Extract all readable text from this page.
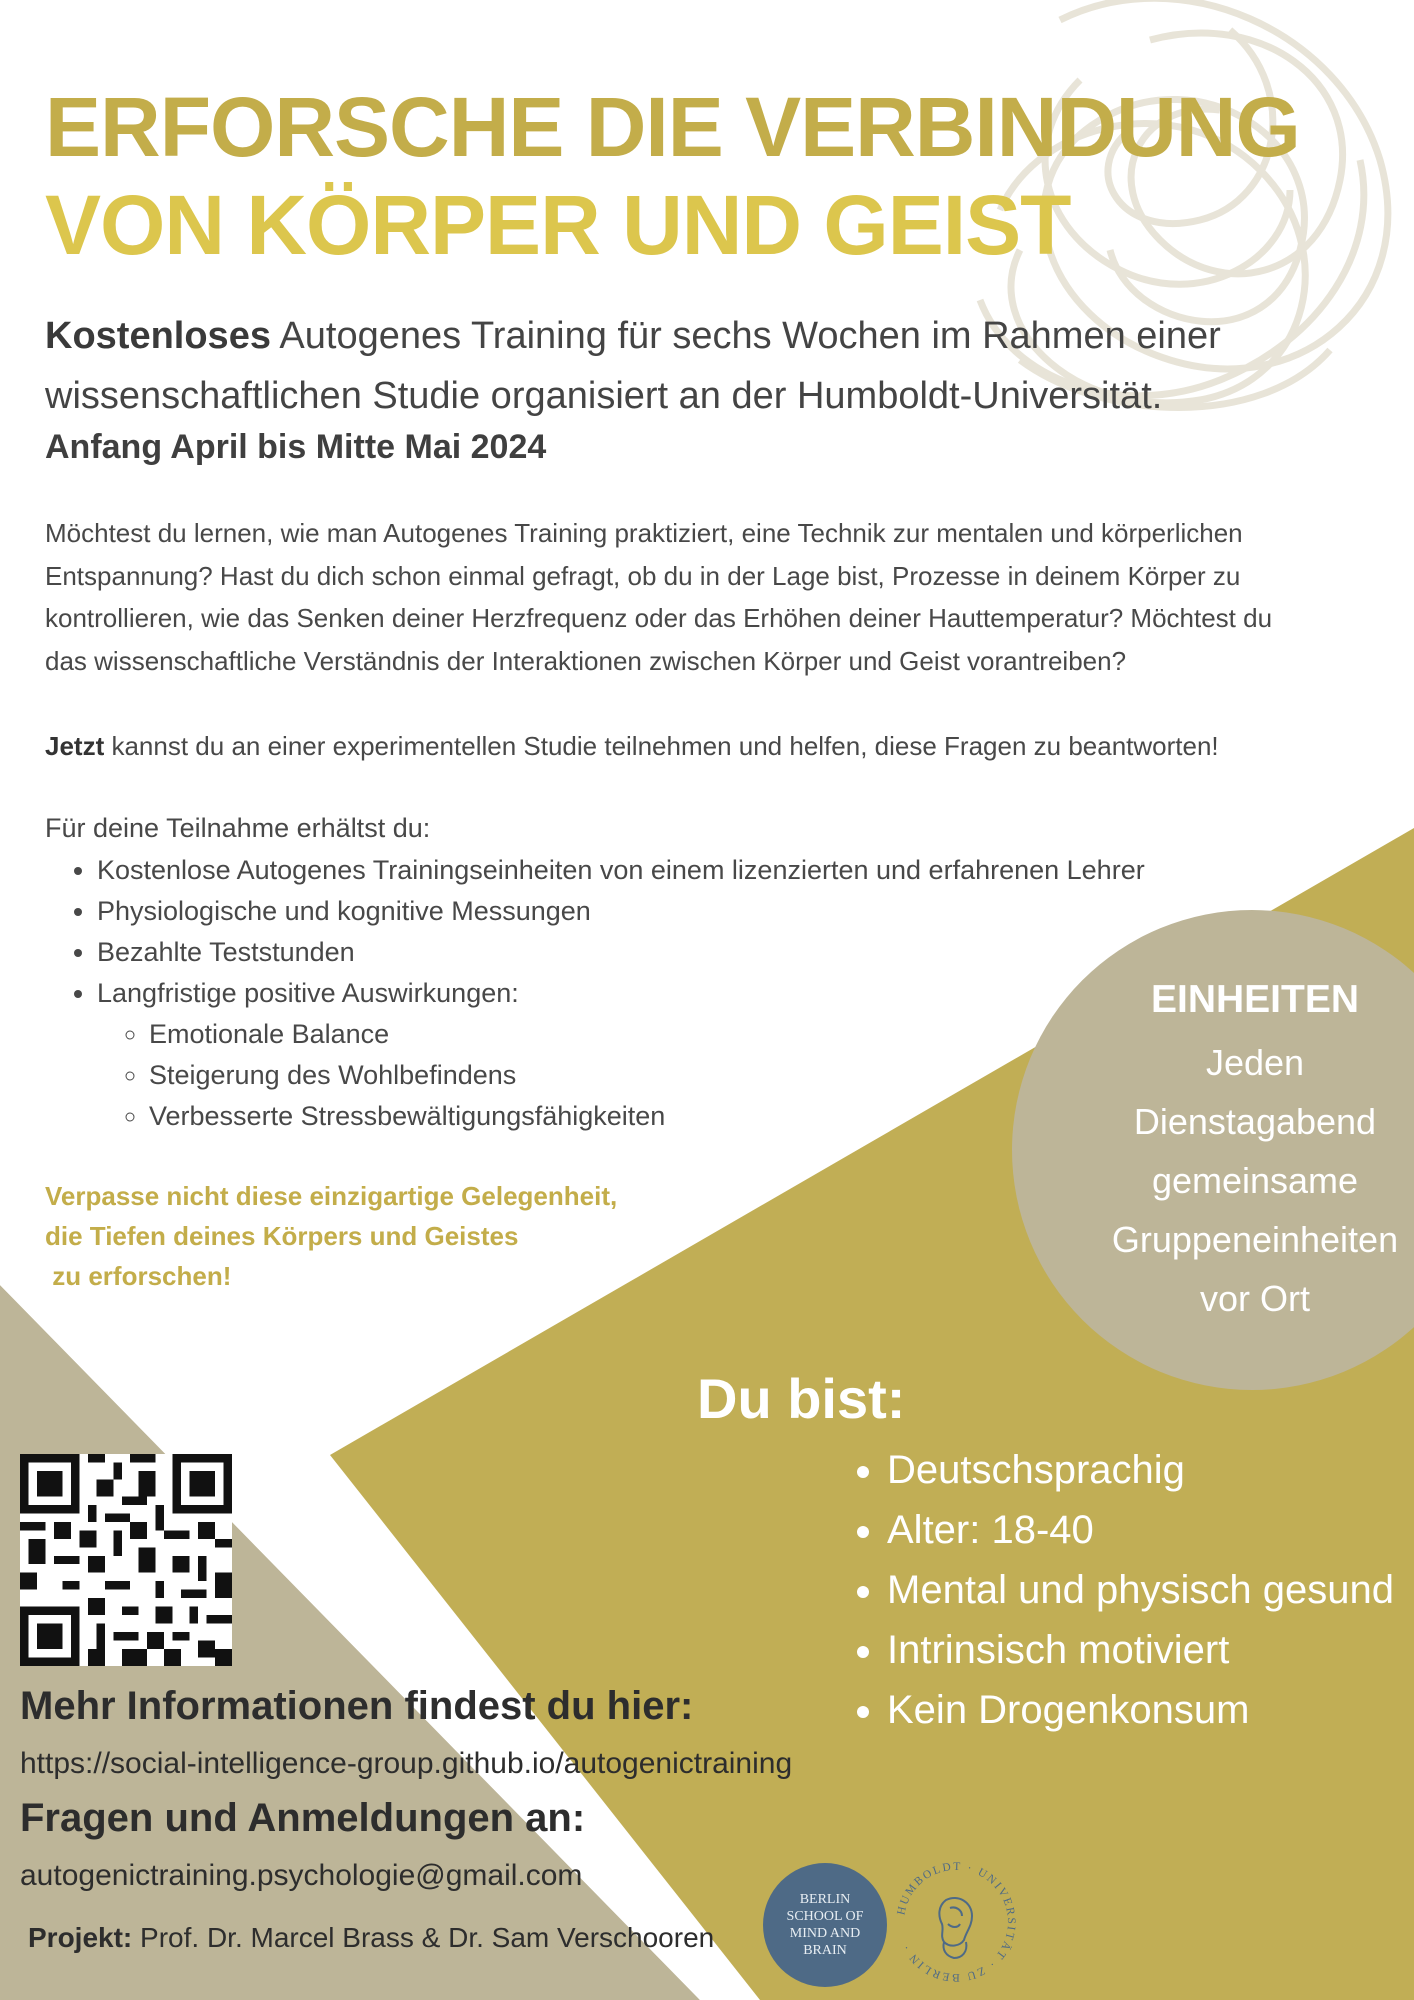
ERFORSCHE DIE VERBINDUNG
VON KÖRPER UND GEIST

Kostenloses Autogenes Training für sechs Wochen im Rahmen einer wissenschaftlichen Studie organisiert an der Humboldt-Universität.

Anfang April bis Mitte Mai 2024

Möchtest du lernen, wie man Autogenes Training praktiziert, eine Technik zur mentalen und körperlichen Entspannung? Hast du dich schon einmal gefragt, ob du in der Lage bist, Prozesse in deinem Körper zu kontrollieren, wie das Senken deiner Herzfrequenz oder das Erhöhen deiner Hauttemperatur? Möchtest du das wissenschaftliche Verständnis der Interaktionen zwischen Körper und Geist vorantreiben?

Jetzt kannst du an einer experimentellen Studie teilnehmen und helfen, diese Fragen zu beantworten!

Für deine Teilnahme erhältst du:

• Kostenlose Autogenes Trainingseinheiten von einem lizenzierten und erfahrenen Lehrer
• Physiologische und kognitive Messungen
• Bezahlte Teststunden
• Langfristige positive Auswirkungen:
◦ Emotionale Balance
◦ Steigerung des Wohlbefindens
◦ Verbesserte Stressbewältigungsfähigkeiten

Verpasse nicht diese einzigartige Gelegenheit,
die Tiefen deines Körpers und Geistes
zu erforschen!

EINHEITEN
Jeden
Dienstagabend
gemeinsame
Gruppeneinheiten
vor Ort

Du bist:

• Deutschsprachig
• Alter: 18-40
• Mental und physisch gesund
• Intrinsisch motiviert
• Kein Drogenkonsum

Mehr Informationen findest du hier:

https://social-intelligence-group.github.io/autogenictraining

Fragen und Anmeldungen an:

autogenictraining.psychologie@gmail.com

Projekt: Prof. Dr. Marcel Brass & Dr. Sam Verschooren

BERLIN
SCHOOL OF
MIND AND
BRAIN
HUMBOLDT · UNIVERSITÄT · ZU BERLIN ·
